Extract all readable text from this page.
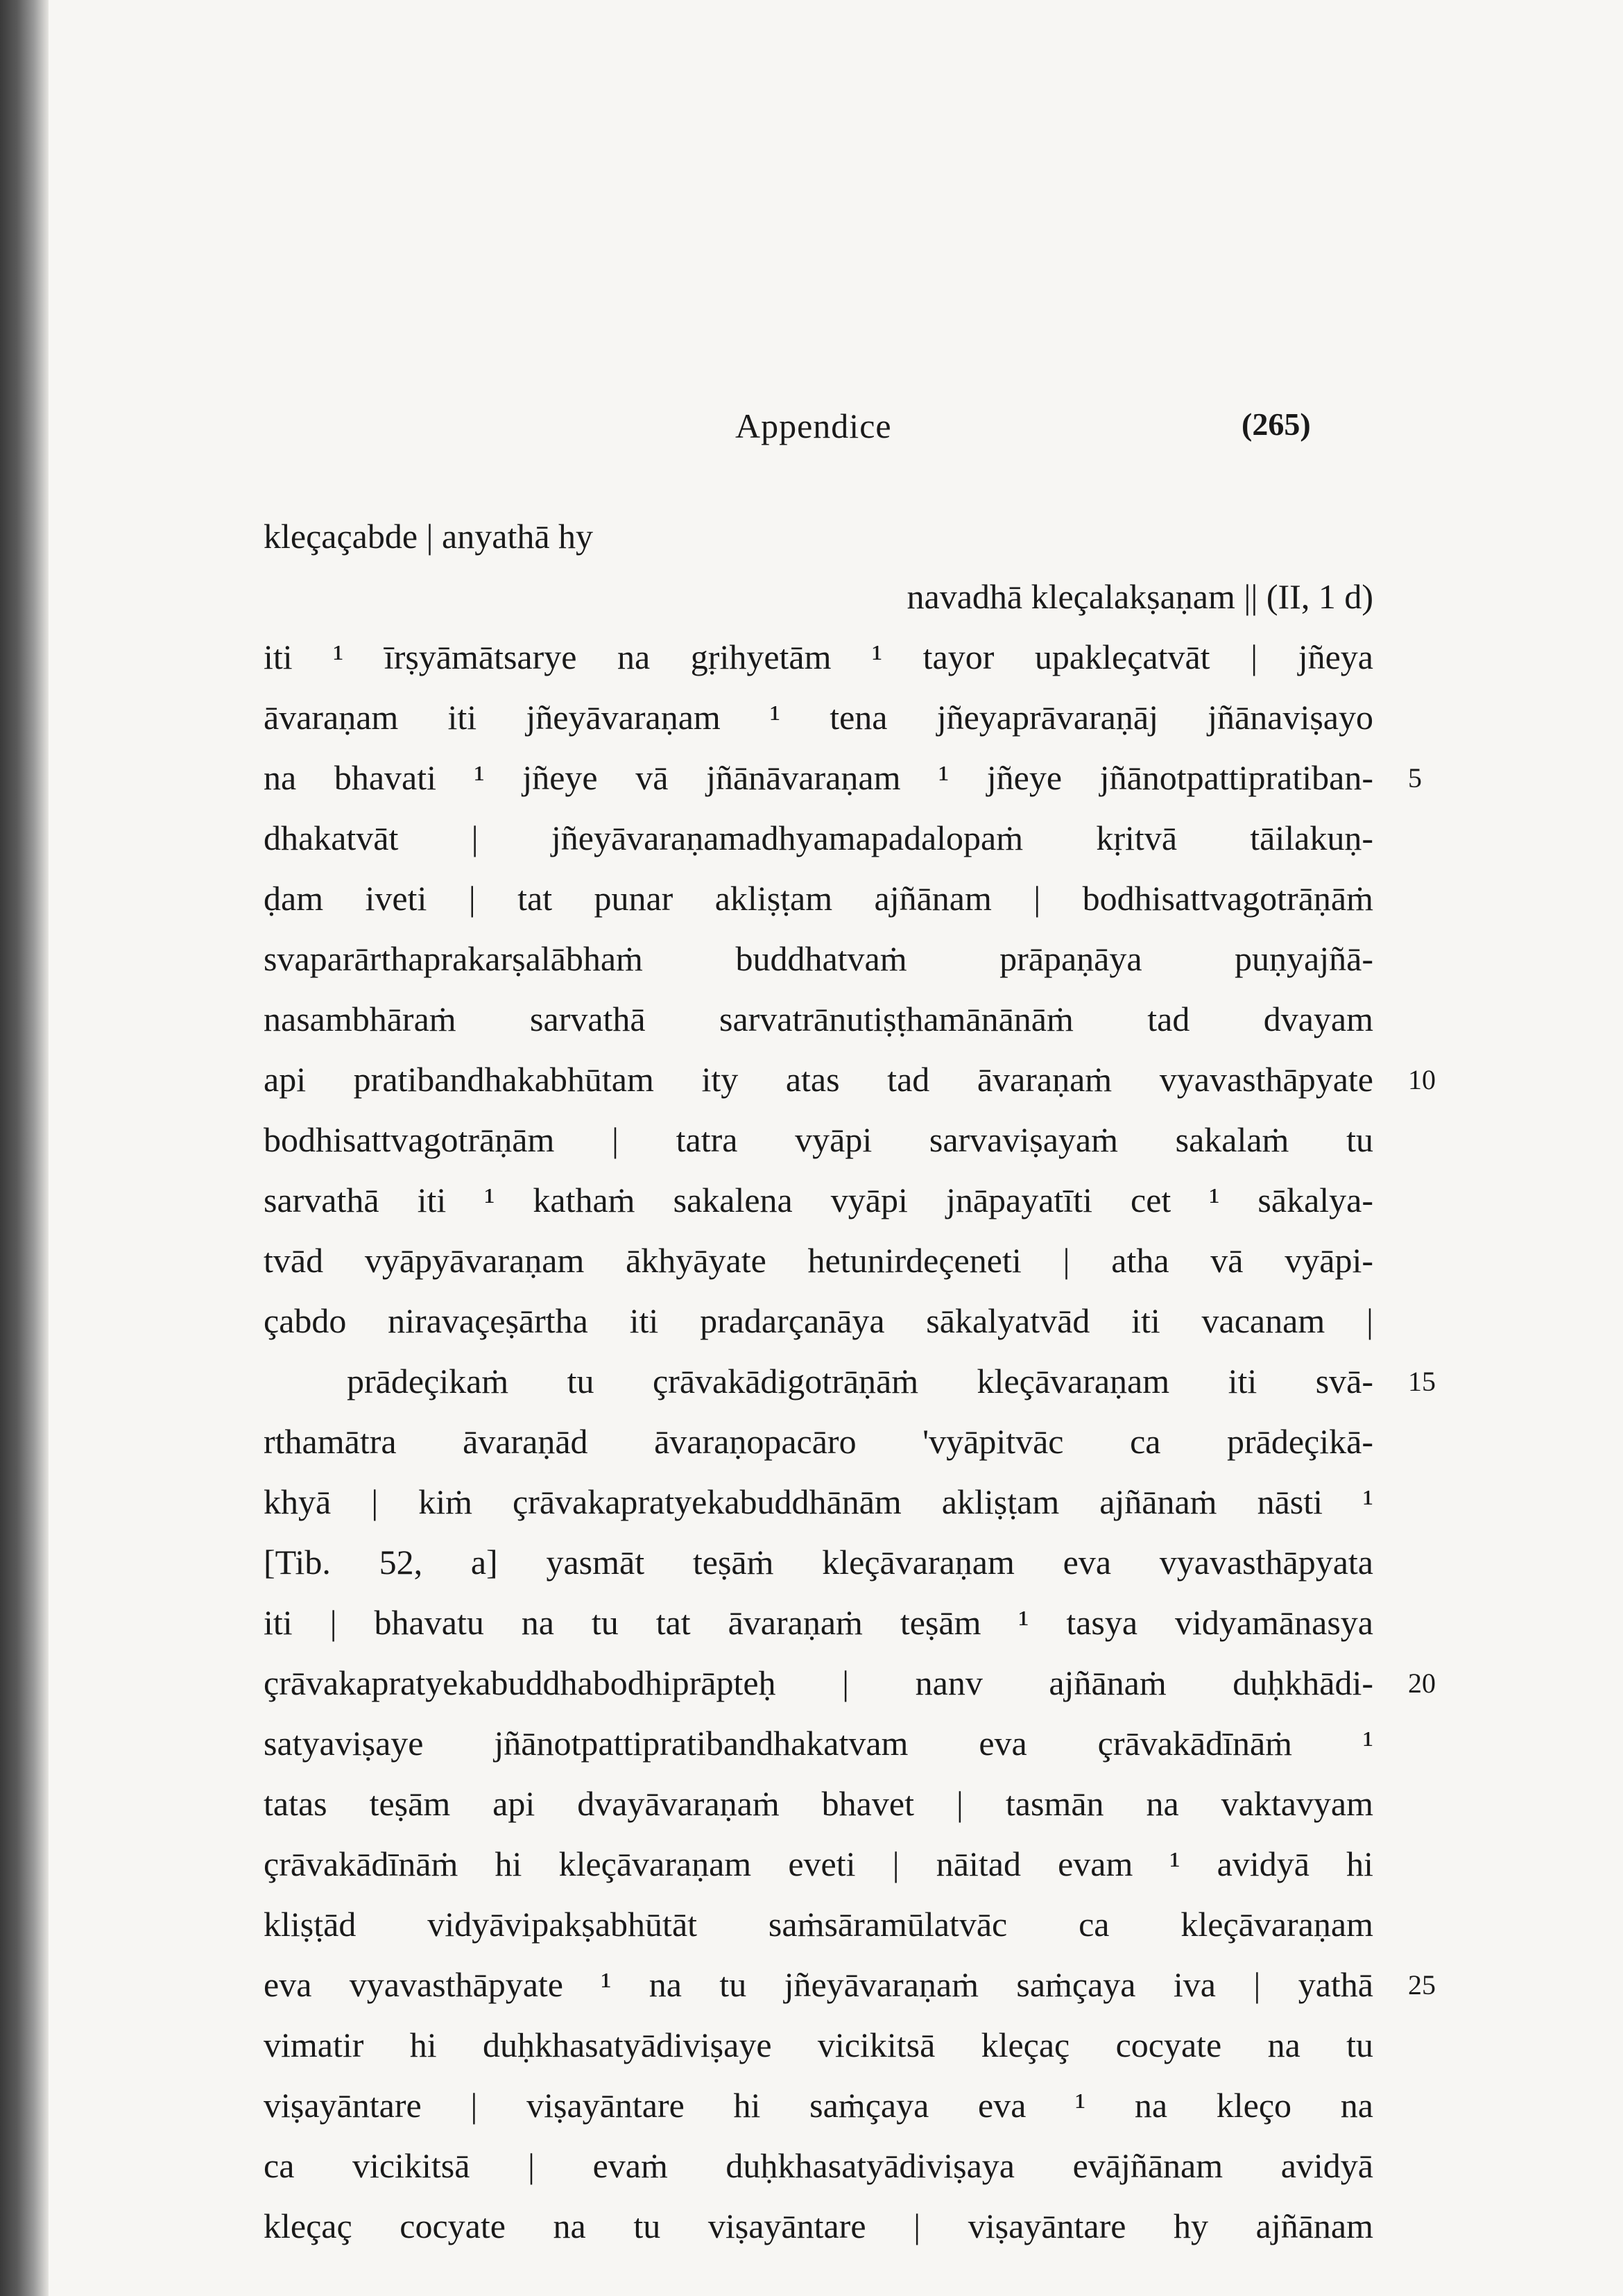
Appendice	(265)
kleçaçabde | anyathā hy
navadhā kleçalakṣaṇam || (II, 1 d)
iti ¹ īrṣyāmātsarye na gṛihyetām ¹ tayor upakleçatvāt | jñeya
āvaraṇam iti jñeyāvaraṇam ¹ tena jñeyaprāvaraṇāj jñānaviṣayo
na bhavati ¹ jñeye vā jñānāvaraṇam ¹ jñeye jñānotpattipratiban- 5
dhakatvāt | jñeyāvaraṇamadhyamapadalopaṁ kṛitvā tāilakuṇ-
ḍam iveti | tat punar akliṣṭam ajñānam | bodhisattvagotrāṇāṁ
svaparārthaprakarṣalābhaṁ buddhatvaṁ prāpaṇāya puṇyajñā-
nasambhāraṁ sarvathā sarvatrānutiṣṭhamānānāṁ tad dvayam
api pratibandhakabhūtam ity atas tad āvaraṇaṁ vyavasthāpyate 10
bodhisattvagotrāṇām | tatra vyāpi sarvaviṣayaṁ sakalaṁ tu
sarvathā iti ¹ kathaṁ sakalena vyāpi jnāpayatīti cet ¹ sākalya-
tvād vyāpyāvaraṇam ākhyāyate hetunirdeçeneti | atha vā vyāpi-
çabdo niravaçeṣārtha iti pradarçanāya sākalyatvād iti vacanam |
prādeçikaṁ tu çrāvakādigotrāṇāṁ kleçāvaraṇam iti svā- 15
rthamātra āvaraṇād āvaraṇopacāro 'vyāpitvāc ca prādeçikā-
khyā | kiṁ çrāvakapratyekabuddhānām akliṣṭam ajñānaṁ nāsti ¹
[Tib. 52, a] yasmāt teṣāṁ kleçāvaraṇam eva vyavasthāpyata
iti | bhavatu na tu tat āvaraṇaṁ teṣām ¹ tasya vidyamānasya
çrāvakapratyekabuddhabodhiprāpteḥ | nanv ajñānaṁ duḥkhādi- 20
satyaviṣaye jñānotpattipratibandhakatvam eva çrāvakādīnāṁ ¹
tatas teṣām api dvayāvaraṇaṁ bhavet | tasmān na vaktavyam
çrāvakādīnāṁ hi kleçāvaraṇam eveti | nāitad evam ¹ avidyā hi
kliṣṭād vidyāvipakṣabhūtāt saṁsāramūlatvāc ca kleçāvaraṇam
eva vyavasthāpyate ¹ na tu jñeyāvaraṇaṁ saṁçaya iva | yathā 25
vimatir hi duḥkhasatyādiviṣaye vicikitsā kleçaç cocyate na tu
viṣayāntare | viṣayāntare hi saṁçaya eva ¹ na kleço na
ca vicikitsā | evaṁ duḥkhasatyādiviṣaya evājñānam avidyā
kleçaç cocyate na tu viṣayāntare | viṣayāntare hy ajñānam
